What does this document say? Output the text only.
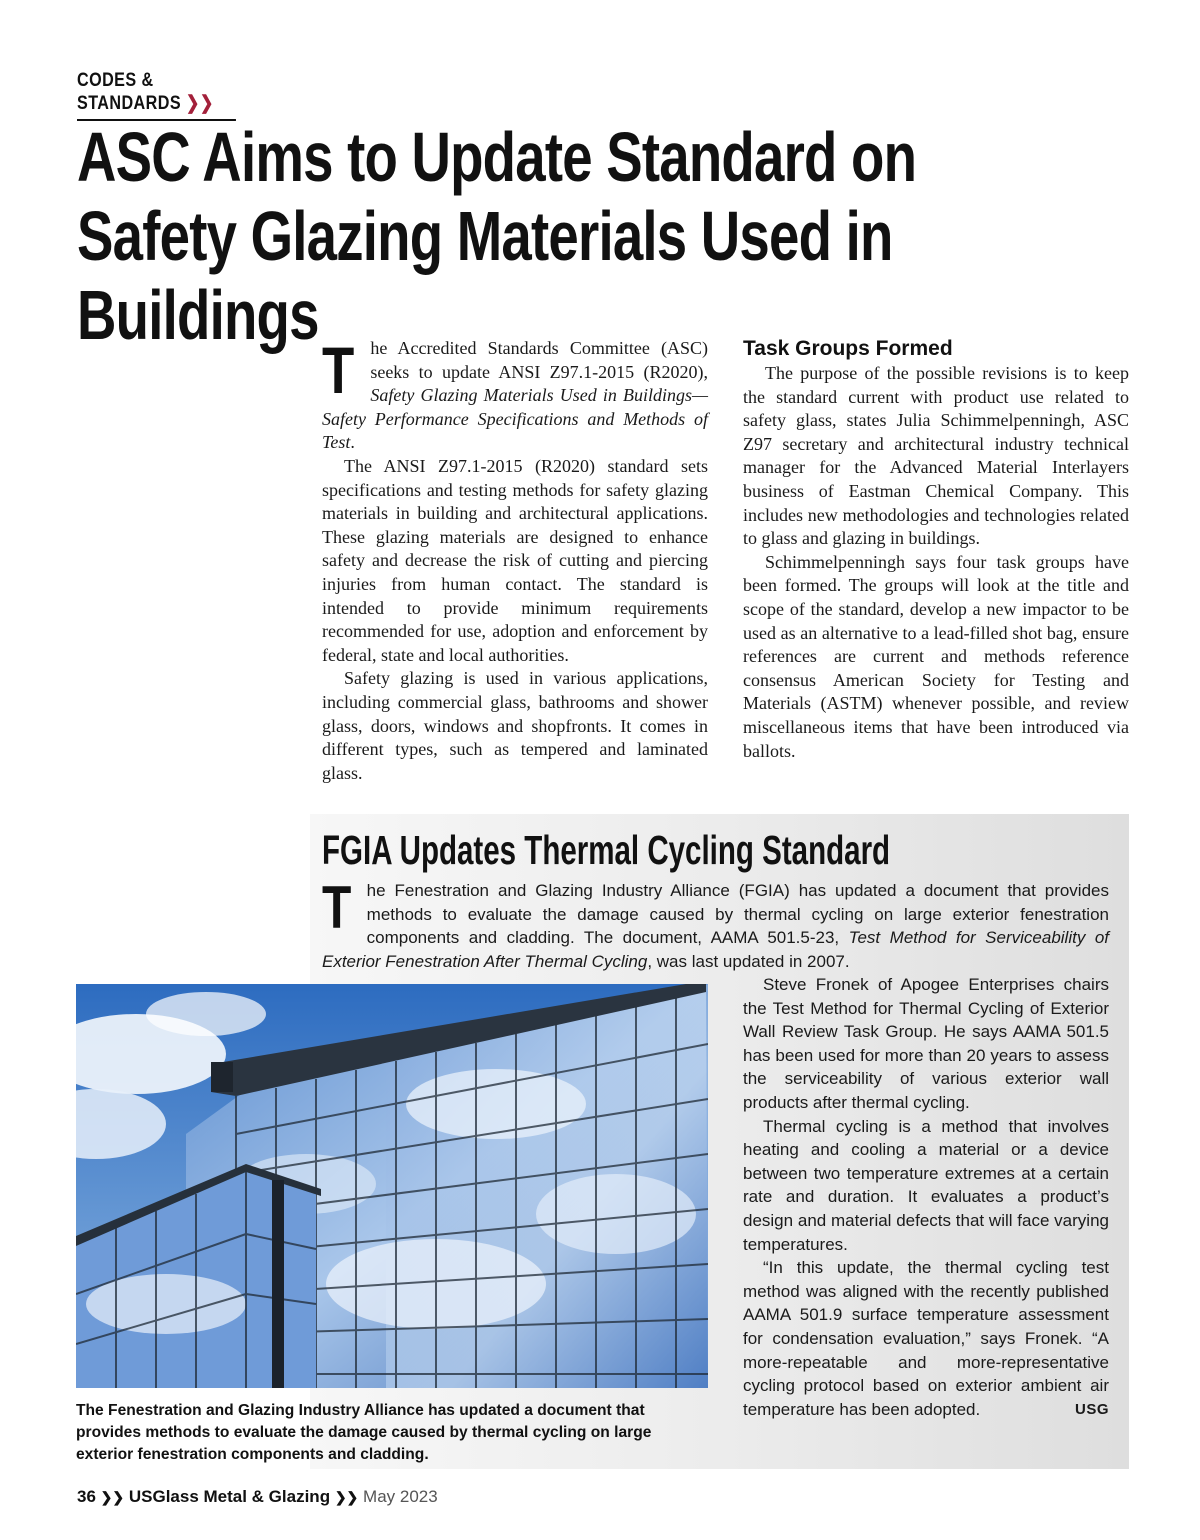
CODES & STANDARDS ❯❯
ASC Aims to Update Standard on
Safety Glazing Materials Used in Buildings

The Accredited Standards Committee (ASC) seeks to update ANSI Z97.1-2015 (R2020), Safety Glazing Materials Used in Buildings—Safety Performance Specifications and Methods of Test.

The ANSI Z97.1-2015 (R2020) standard sets specifications and testing methods for safety glazing materials in building and architectural applications. These glazing materials are designed to enhance safety and decrease the risk of cutting and piercing injuries from human contact. The standard is intended to provide minimum requirements recommended for use, adoption and enforcement by federal, state and local authorities.

Safety glazing is used in various applications, including commercial glass, bathrooms and shower glass, doors, windows and shopfronts. It comes in different types, such as tempered and laminated glass.

Task Groups Formed

The purpose of the possible revisions is to keep the standard current with product use related to safety glass, states Julia Schimmelpenningh, ASC Z97 secretary and architectural industry technical manager for the Advanced Material Interlayers business of Eastman Chemical Company. This includes new methodologies and technologies related to glass and glazing in buildings.

Schimmelpenningh says four task groups have been formed. The groups will look at the title and scope of the standard, develop a new impactor to be used as an alternative to a lead-filled shot bag, ensure references are current and methods reference consensus American Society for Testing and Materials (ASTM) whenever possible, and review miscellaneous items that have been introduced via ballots.

FGIA Updates Thermal Cycling Standard

The Fenestration and Glazing Industry Alliance (FGIA) has updated a document that provides methods to evaluate the damage caused by thermal cycling on large exterior fenestration components and cladding. The document, AAMA 501.5-23, Test Method for Serviceability of Exterior Fenestration After Thermal Cycling, was last updated in 2007.

Steve Fronek of Apogee Enterprises chairs the Test Method for Thermal Cycling of Exterior Wall Review Task Group. He says AAMA 501.5 has been used for more than 20 years to assess the serviceability of various exterior wall products after thermal cycling.

Thermal cycling is a method that involves heating and cooling a material or a device between two temperature extremes at a certain rate and duration. It evaluates a product’s design and material defects that will face varying temperatures.

“In this update, the thermal cycling test method was aligned with the recently published AAMA 501.9 surface temperature assessment for condensation evaluation,” says Fronek. “A more-repeatable and more-representative cycling protocol based on exterior ambient air temperature has been adopted.	USG

The Fenestration and Glazing Industry Alliance has updated a document that provides methods to evaluate the damage caused by thermal cycling on large exterior fenestration components and cladding.

36 ❯❯ USGlass Metal & Glazing ❯❯ May 2023
